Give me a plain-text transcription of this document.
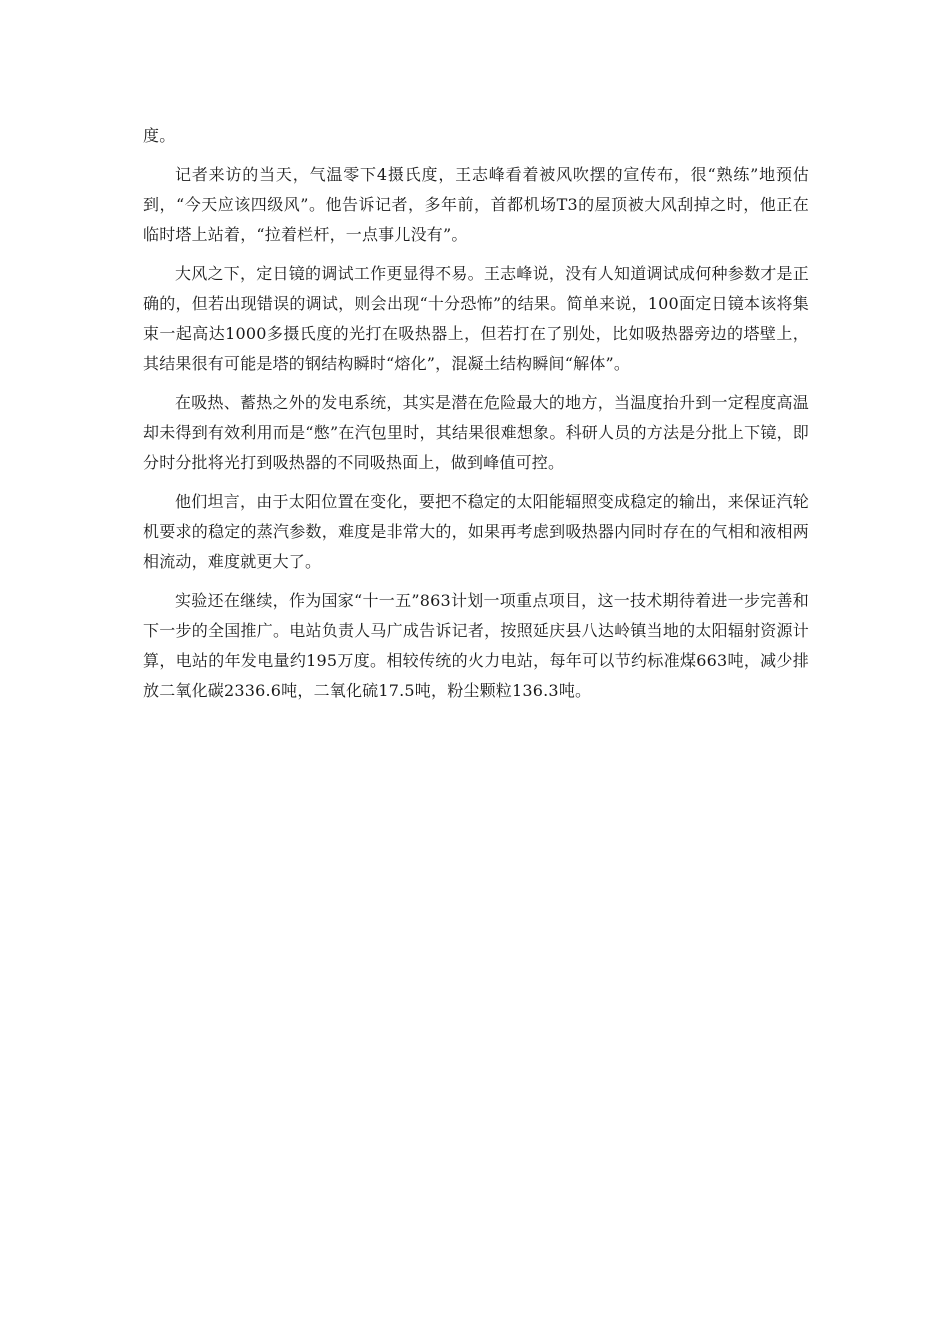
度。

记者来访的当天，气温零下4摄氏度，王志峰看着被风吹摆的宣传布，很“熟练”地预估到，“今天应该四级风”。他告诉记者，多年前，首都机场T3的屋顶被大风刮掉之时，他正在临时塔上站着，“拉着栏杆，一点事儿没有”。

大风之下，定日镜的调试工作更显得不易。王志峰说，没有人知道调试成何种参数才是正确的，但若出现错误的调试，则会出现“十分恐怖”的结果。简单来说，100面定日镜本该将集束一起高达1000多摄氏度的光打在吸热器上，但若打在了别处，比如吸热器旁边的塔壁上，其结果很有可能是塔的钢结构瞬时“熔化”，混凝土结构瞬间“解体”。

在吸热、蓄热之外的发电系统，其实是潜在危险最大的地方，当温度抬升到一定程度高温却未得到有效利用而是“憋”在汽包里时，其结果很难想象。科研人员的方法是分批上下镜，即分时分批将光打到吸热器的不同吸热面上，做到峰值可控。

他们坦言，由于太阳位置在变化，要把不稳定的太阳能辐照变成稳定的输出，来保证汽轮机要求的稳定的蒸汽参数，难度是非常大的，如果再考虑到吸热器内同时存在的气相和液相两相流动，难度就更大了。

实验还在继续，作为国家“十一五”863计划一项重点项目，这一技术期待着进一步完善和下一步的全国推广。电站负责人马广成告诉记者，按照延庆县八达岭镇当地的太阳辐射资源计算，电站的年发电量约195万度。相较传统的火力电站，每年可以节约标准煤663吨，减少排放二氧化碳2336.6吨，二氧化硫17.5吨，粉尘颗粒136.3吨。
